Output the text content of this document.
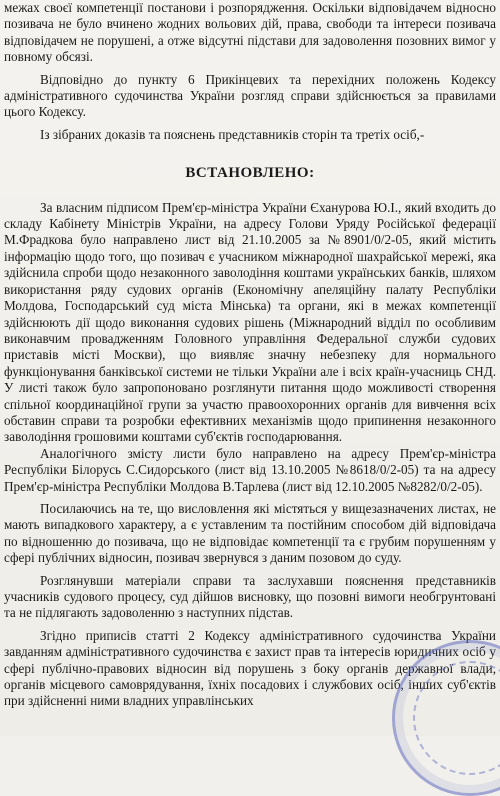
межах своєї компетенції постанови і розпорядження. Оскільки відповідачем відносно позивача не було вчинено жодних вольових дій, права, свободи та інтереси позивача відповідачем не порушені, а отже відсутні підстави для задоволення позовних вимог у повному обсязі.

Відповідно до пункту 6 Прикінцевих та перехідних положень Кодексу адміністративного судочинства України розгляд справи здійснюється за правилами цього Кодексу.

Із зібраних доказів та пояснень представників сторін та третіх осіб,-

ВСТАНОВЛЕНО:

За власним підписом Прем'єр-міністра України Єханурова Ю.І., який входить до складу Кабінету Міністрів України, на адресу Голови Уряду Російської федерації М.Фрадкова було направлено лист від 21.10.2005 за №8901/0/2-05, який містить інформацію щодо того, що позивач є учасником міжнародної шахрайської мережі, яка здійснила спроби щодо незаконного заволодіння коштами українських банків, шляхом використання ряду судових органів (Економічну апеляційну палату Республіки Молдова, Господарський суд міста Мінська) та органи, які в межах компетенції здійснюють дії щодо виконання судових рішень (Міжнародний відділ по особливим виконавчим провадженням Головного управління Федеральної служби судових приставів місті Москви), що виявляє значну небезпеку для нормального функціонування банківської системи не тільки України але і всіх країн-учасниць СНД. У листі також було запропоновано розглянути питання щодо можливості створення спільної координаційної групи за участю правоохоронних органів для вивчення всіх обставин справи та розробки ефективних механізмів щодо припинення незаконного заволодіння грошовими коштами суб'єктів господарювання.

Аналогічного змісту листи було направлено на адресу Прем'єр-міністра Республіки Білорусь С.Сидорського (лист від 13.10.2005 №8618/0/2-05) та на адресу Прем'єр-міністра Республіки Молдова В.Тарлева (лист від 12.10.2005 №8282/0/2-05).

Посилаючись на те, що висловлення які містяться у вищезазначених листах, не мають випадкового характеру, а є уставленим та постійним способом дій відповідача по відношенню до позивача, що не відповідає компетенції та є грубим порушенням у сфері публічних відносин, позивач звернувся з даним позовом до суду.

Розглянувши матеріали справи та заслухавши пояснення представників учасників судового процесу, суд дійшов висновку, що позовні вимоги необгрунтовані та не підлягають задоволенню з наступних підстав.

Згідно приписів статті 2 Кодексу адміністративного судочинства України завданням адміністративного судочинства є захист прав та інтересів юридичних осіб у сфері публічно-правових відносин від порушень з боку органів державної влади, органів місцевого самоврядування, їхніх посадових і службових осіб, інших суб'єктів при здійсненні ними владних управлінських
